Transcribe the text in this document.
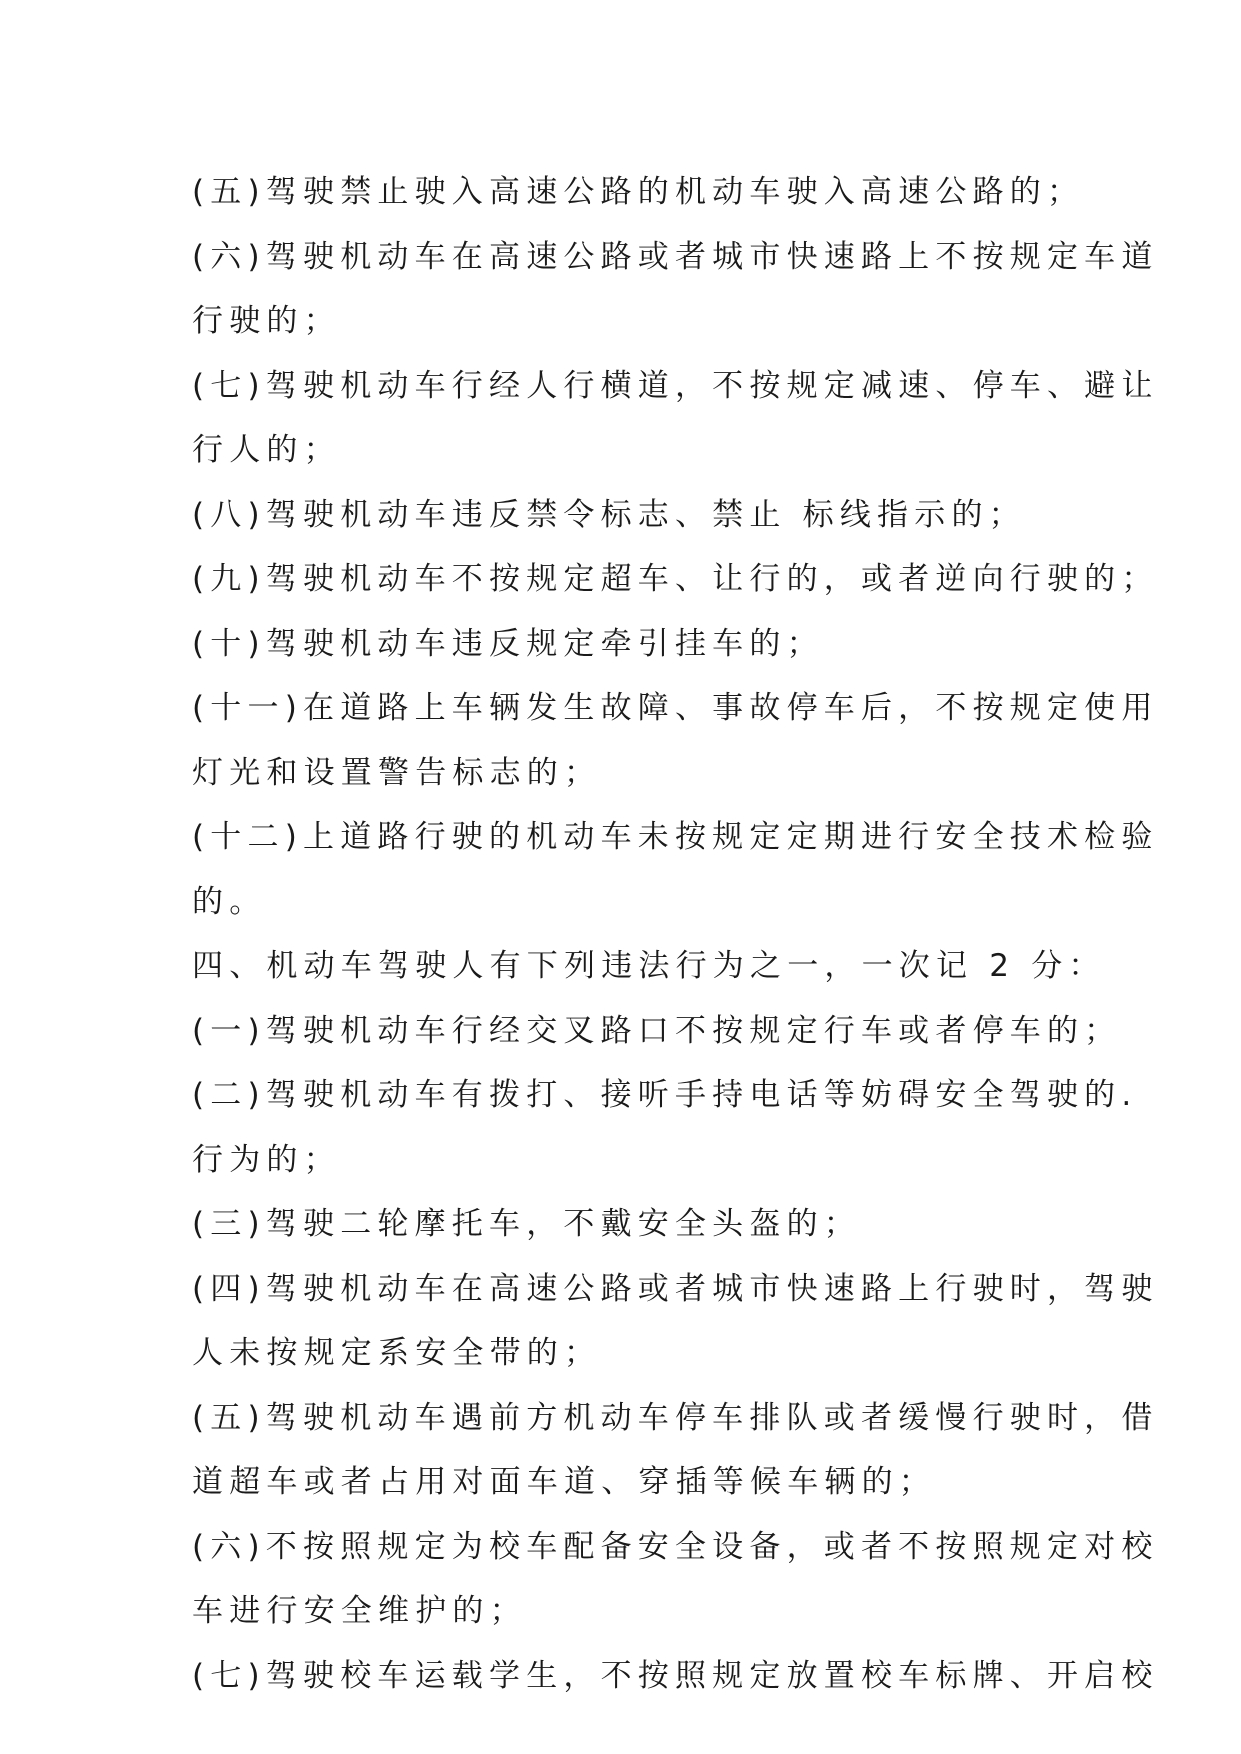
(五)驾驶禁止驶入高速公路的机动车驶入高速公路的；
(六)驾驶机动车在高速公路或者城市快速路上不按规定车道
行驶的；
(七)驾驶机动车行经人行横道，不按规定减速、停车、避让
行人的；
(八)驾驶机动车违反禁令标志、禁止 标线指示的；
(九)驾驶机动车不按规定超车、让行的，或者逆向行驶的；
(十)驾驶机动车违反规定牵引挂车的；
(十一)在道路上车辆发生故障、事故停车后，不按规定使用
灯光和设置警告标志的；
(十二)上道路行驶的机动车未按规定定期进行安全技术检验
的。
四、机动车驾驶人有下列违法行为之一，一次记 2 分：
(一)驾驶机动车行经交叉路口不按规定行车或者停车的；
(二)驾驶机动车有拨打、接听手持电话等妨碍安全驾驶的.
行为的；
(三)驾驶二轮摩托车，不戴安全头盔的；
(四)驾驶机动车在高速公路或者城市快速路上行驶时，驾驶
人未按规定系安全带的；
(五)驾驶机动车遇前方机动车停车排队或者缓慢行驶时，借
道超车或者占用对面车道、穿插等候车辆的；
(六)不按照规定为校车配备安全设备，或者不按照规定对校
车进行安全维护的；
(七)驾驶校车运载学生，不按照规定放置校车标牌、开启校
